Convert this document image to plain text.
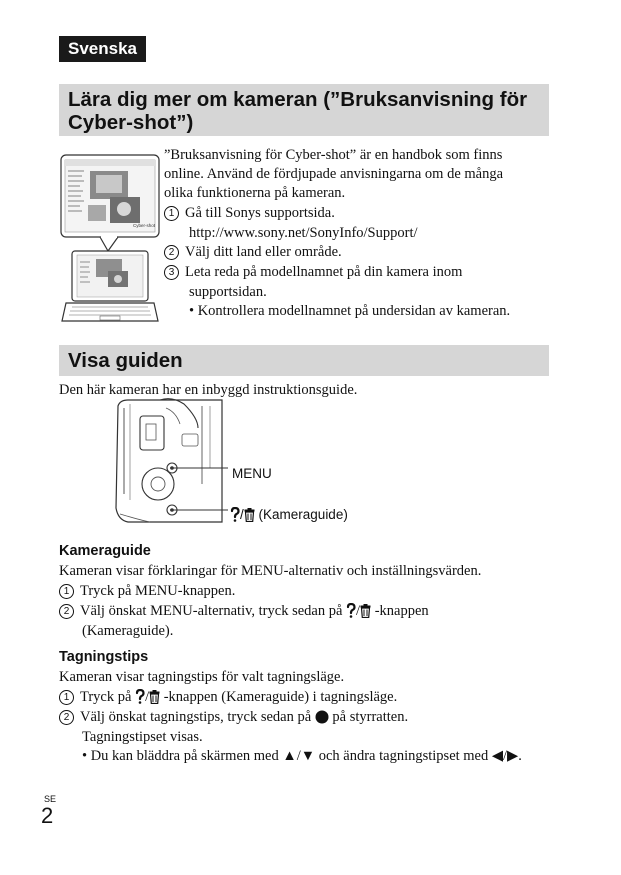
Svenska
Lära dig mer om kameran (”Bruksanvisning för Cyber-shot”)
Cyber-shot
”Bruksanvisning för Cyber-shot” är en handbok som finns
online. Använd de fördjupade anvisningarna om de många
olika funktionerna på kameran.
1 Gå till Sonys supportsida.
http://www.sony.net/SonyInfo/Support/
2 Välj ditt land eller område.
3 Leta reda på modellnamnet på din kamera inom
supportsidan.
• Kontrollera modellnamnet på undersidan av kameran.
Visa guiden
Den här kameran har en inbyggd instruktionsguide.
MENU
/ (Kameraguide)
Kameraguide
Kameran visar förklaringar för MENU-alternativ och inställningsvärden.
1 Tryck på MENU-knappen.
2 Välj önskat MENU-alternativ, tryck sedan på / -knappen
(Kameraguide).
Tagningstips
Kameran visar tagningstips för valt tagningsläge.
1 Tryck på / -knappen (Kameraguide) i tagningsläge.
2 Välj önskat tagningstips, tryck sedan på på styrratten.
Tagningstipset visas.
• Du kan bläddra på skärmen med ▲/▼ och ändra tagningstipset med ◀/▶.
SE
2
